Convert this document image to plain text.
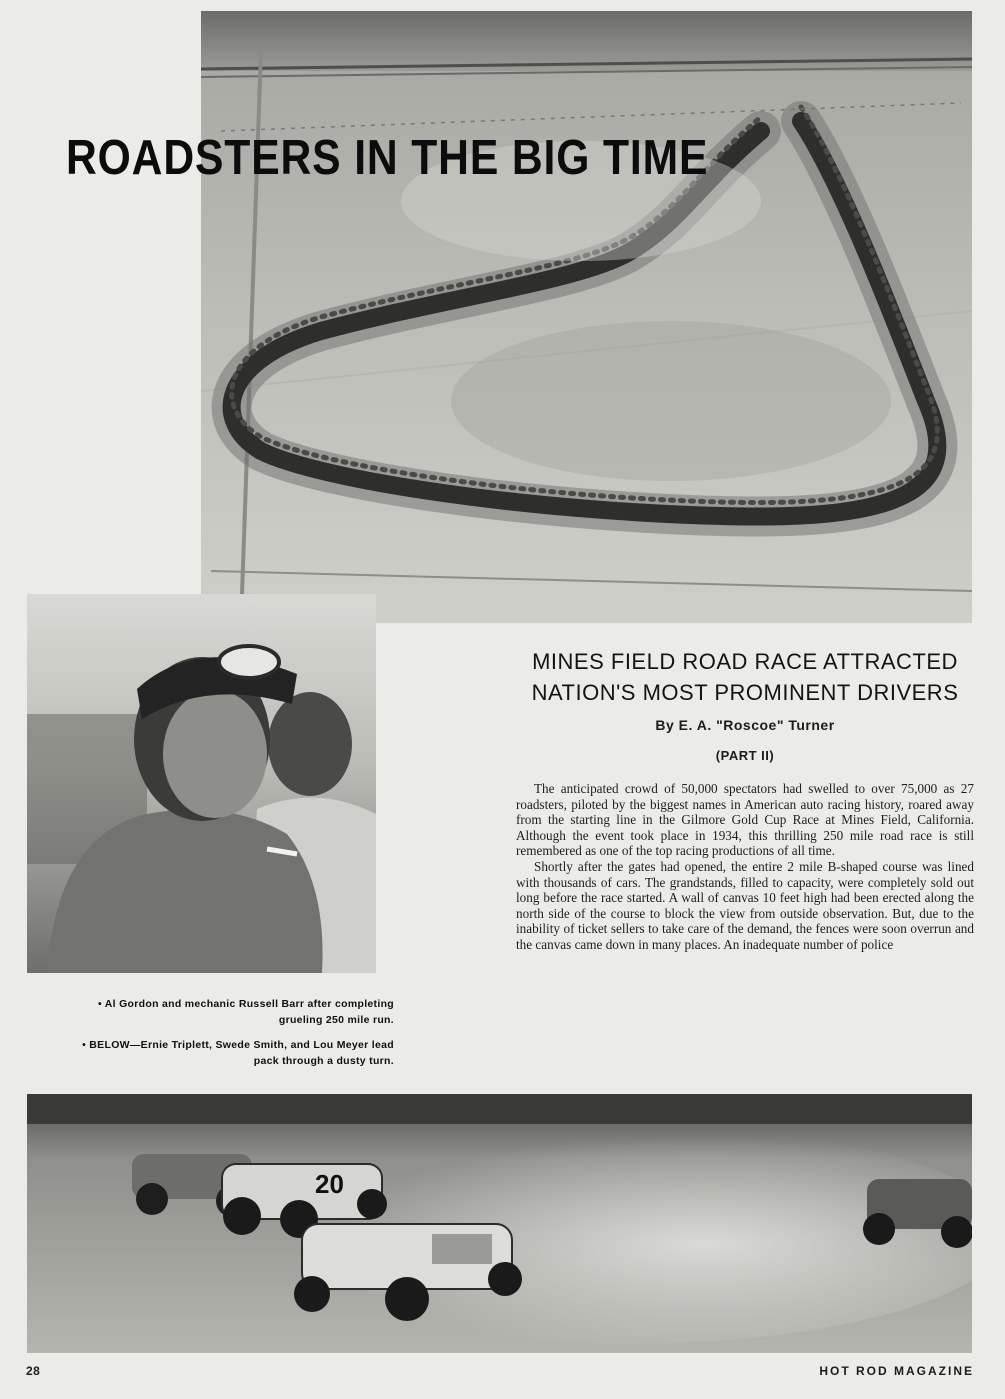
ROADSTERS IN THE BIG TIME
MINES FIELD ROAD RACE ATTRACTED
NATION'S MOST PROMINENT DRIVERS
By E. A. "Roscoe" Turner
(PART II)

The anticipated crowd of 50,000 spectators had swelled to over 75,000 as 27 roadsters, piloted by the biggest names in American auto racing history, roared away from the starting line in the Gilmore Gold Cup Race at Mines Field, California. Although the event took place in 1934, this thrilling 250 mile road race is still remembered as one of the top racing productions of all time.

Shortly after the gates had opened, the entire 2 mile B-shaped course was lined with thousands of cars. The grandstands, filled to capacity, were completely sold out long before the race started. A wall of canvas 10 feet high had been erected along the north side of the course to block the view from outside observation. But, due to the inability of ticket sellers to take care of the demand, the fences were soon overrun and the canvas came down in many places. An inadequate number of police

• Al Gordon and mechanic Russell Barr after completing grueling 250 mile run.
• BELOW—Ernie Triplett, Swede Smith, and Lou Meyer lead pack through a dusty turn.
20
28	HOT ROD MAGAZINE
